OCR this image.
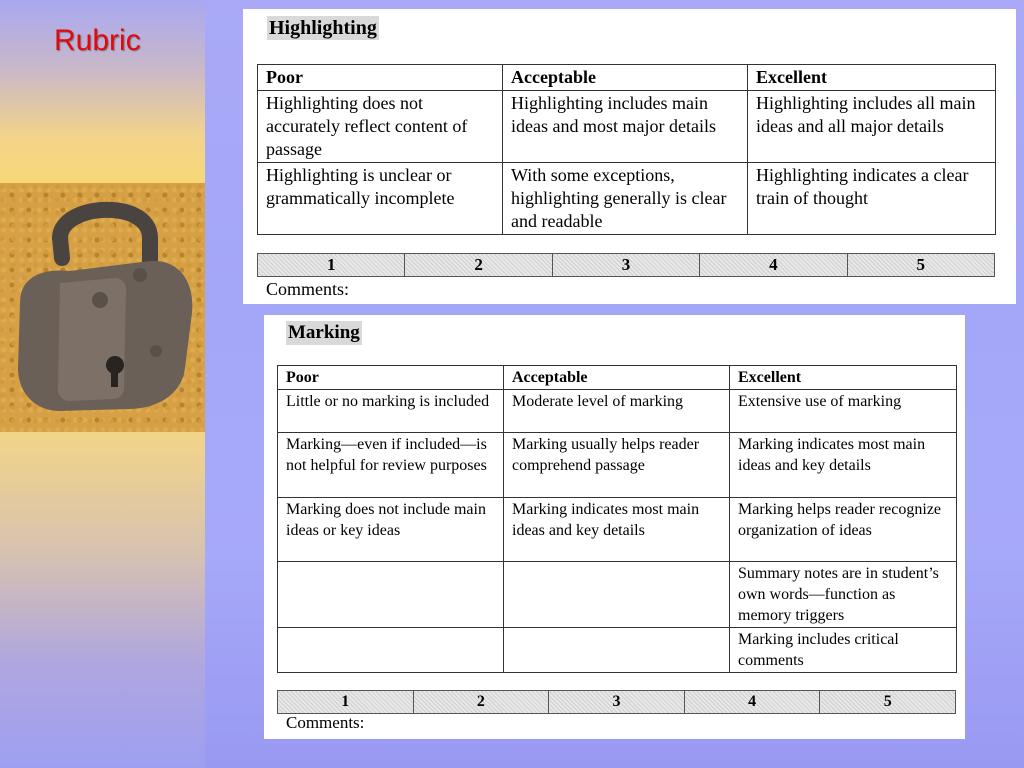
Rubric	Highlighting
Poor	Acceptable	Excellent
Highlighting does not accurately reflect content of passage	Highlighting includes main ideas and most major details	Highlighting includes all main ideas and all major details
Highlighting is unclear or grammatically incomplete	With some exceptions, highlighting generally is clear and readable	Highlighting indicates a clear train of thought
1	2	3	4	5
Comments:
Marking
Poor	Acceptable	Excellent
Little or no marking is included	Moderate level of marking	Extensive use of marking
Marking—even if included—is not helpful for review purposes	Marking usually helps reader comprehend passage	Marking indicates most main ideas and key details
Marking does not include main ideas or key ideas	Marking indicates most main ideas and key details	Marking helps reader recognize organization of ideas
		Summary notes are in student’s own words—function as memory triggers
		Marking includes critical comments
1	2	3	4	5
Comments:
